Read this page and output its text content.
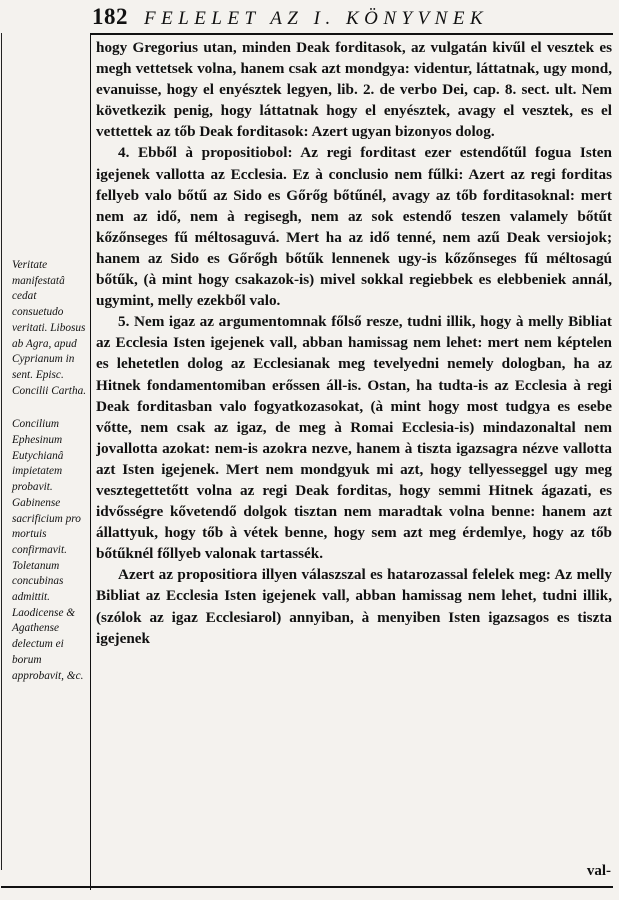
182 FELELET AZ I. KÖNYVNEK
Veritate manifestatâ cedat consuetudo veritati. Libosus ab Agra, apud Cyprianum in sent. Episc. Concilii Cartha.
Concilium Ephesinum Eutychianâ impietatem probavit. Gabinense sacrificium pro mortuis confirmavit. Toletanum concubinas admittit. Laodicense & Agathense delectum ei borum approbavit, &c.

hogy Gregorius utan, minden Deak forditasok, az vulgatán kivűl el vesztek es megh vettetsek volna, hanem csak azt mondgya: videntur, láttatnak, ugy mond, evanuisse, hogy el enyésztek legyen, lib. 2. de verbo Dei, cap. 8. sect. ult. Nem következik penig, hogy láttatnak hogy el enyésztek, avagy el vesztek, es el vettettek az tőb Deak forditasok: Azert ugyan bizonyos dolog.

4. Ebből à propositiobol: Az regi forditast ezer estendőtűl fogua Isten igejenek vallotta az Ecclesia. Ez à conclusio nem fűlki: Azert az regi forditas fellyeb valo bőtű az Sido es Gőrőg bőtűnél, avagy az tőb forditasoknal: mert nem az idő, nem à regisegh, nem az sok estendő teszen valamely bőtűt kőzőnseges fű méltosaguvá. Mert ha az idő tenné, nem azű Deak versiojok; hanem az Sido es Gőrőgh bőtűk lennenek ugy-is kőzőnseges fű méltosagú bőtűk, (à mint hogy csakazok-is) mivel sokkal regiebbek es elebbeniek annál, ugymint, melly ezekből valo.

5. Nem igaz az argumentomnak főlső resze, tudni illik, hogy à melly Bibliat az Ecclesia Isten igejenek vall, abban hamissag nem lehet: mert nem képtelen es lehetetlen dolog az Ecclesianak meg tevelyedni nemely dologban, ha az Hitnek fondamentomiban erőssen áll-is. Ostan, ha tudta-is az Ecclesia à regi Deak forditasban valo fogyatkozasokat, (à mint hogy most tudgya es esebe vőtte, nem csak az igaz, de meg à Romai Ecclesia-is) mindazonaltal nem jovallotta azokat: nem-is azokra nezve, hanem à tiszta igazsagra nézve vallotta azt Isten igejenek. Mert nem mondgyuk mi azt, hogy tellyesseggel ugy meg vesztegettetőtt volna az regi Deak forditas, hogy semmi Hitnek ágazati, es idvősségre kővetendő dolgok tisztan nem maradtak volna benne: hanem azt állattyuk, hogy tőb à vétek benne, hogy sem azt meg érdemlye, hogy az tőb bőtűknél főllyeb valonak tartassék.

Azert az propositiora illyen válaszszal es hatarozassal felelek meg: Az melly Bibliat az Ecclesia Isten igejenek vall, abban hamissag nem lehet, tudni illik, (szólok az igaz Ecclesiarol) annyiban, à menyiben Isten igazsagos es tiszta igejenek

val-
